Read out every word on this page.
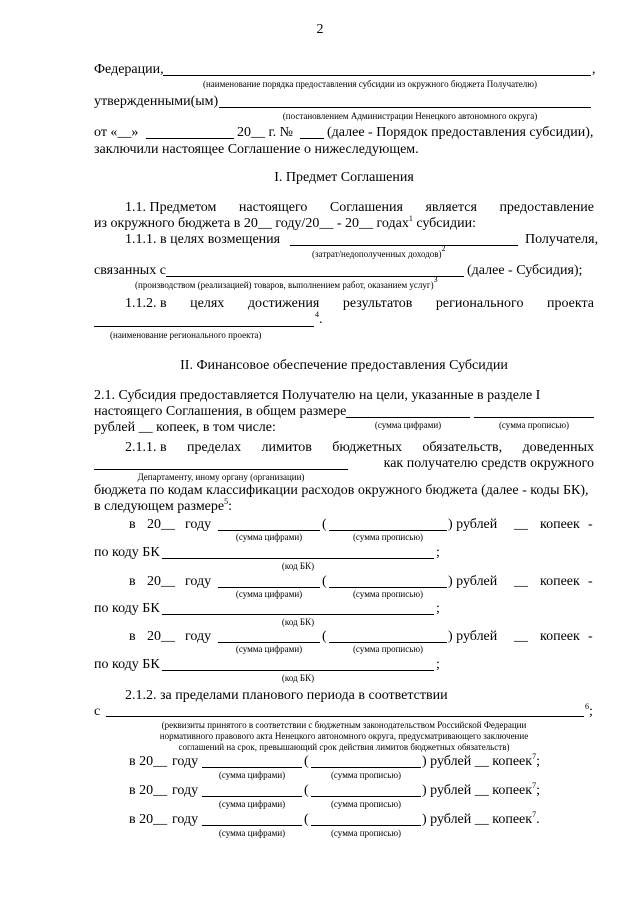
2
Федерации,	,
(наименование порядка предоставления субсидии из окружного бюджета Получателю)
утвержденными(ым)
(постановлением Администрации Ненецкого автономного округа)
от «__»	20__ г. № (далее - Порядок предоставления субсидии),
заключили настоящее Соглашение о нижеследующем.
I. Предмет Соглашения
1.1. Предметом настоящего Соглашения является предоставление
из окружного бюджета в 20__ году/20__ - 20__ годах$^1$ субсидии:
1.1.1. в целях возмещения	Получателя,
(затрат/недополученных доходов)$^2$
связанных с	(далее - Субсидия);
(производством (реализацией) товаров, выполнением работ, оказанием услуг)$^3$
1.1.2. в целях достижения результатов регионального проекта
$^4$.
(наименование регионального проекта)
II. Финансовое обеспечение предоставления Субсидии
2.1. Субсидия предоставляется Получателю на цели, указанные в разделе I
настоящего Соглашения, в общем размере
(сумма цифрами)	(сумма прописью)
рублей __ копеек, в том числе:
2.1.1. в пределах лимитов бюджетных обязательств, доведенных
как получателю средств окружного
Департаменту, иному органу (организации)
бюджета по кодам классификации расходов окружного бюджета (далее - коды БК),
в следующем размере$^5$:
в 20__ году	(	) рублей __ копеек -
(сумма цифрами)	(сумма прописью)
по коду БК	;
(код БК)
в 20__ году	(	) рублей __ копеек -
(сумма цифрами)	(сумма прописью)
по коду БК	;
(код БК)
в 20__ году	(	) рублей __ копеек -
(сумма цифрами)	(сумма прописью)
по коду БК	;
(код БК)
2.1.2. за пределами планового периода в соответствии
с	$^6$;
(реквизиты принятого в соответствии с бюджетным законодательством Российской Федерации
нормативного правового акта Ненецкого автономного округа, предусматривающего заключение
соглашений на срок, превышающий срок действия лимитов бюджетных обязательств)
в 20__ году	(	) рублей __ копеек$^7$;
(сумма цифрами)	(сумма прописью)
в 20__ году	(	) рублей __ копеек$^7$;
(сумма цифрами)	(сумма прописью)
в 20__ году	(	) рублей __ копеек$^7$.
(сумма цифрами)	(сумма прописью)
